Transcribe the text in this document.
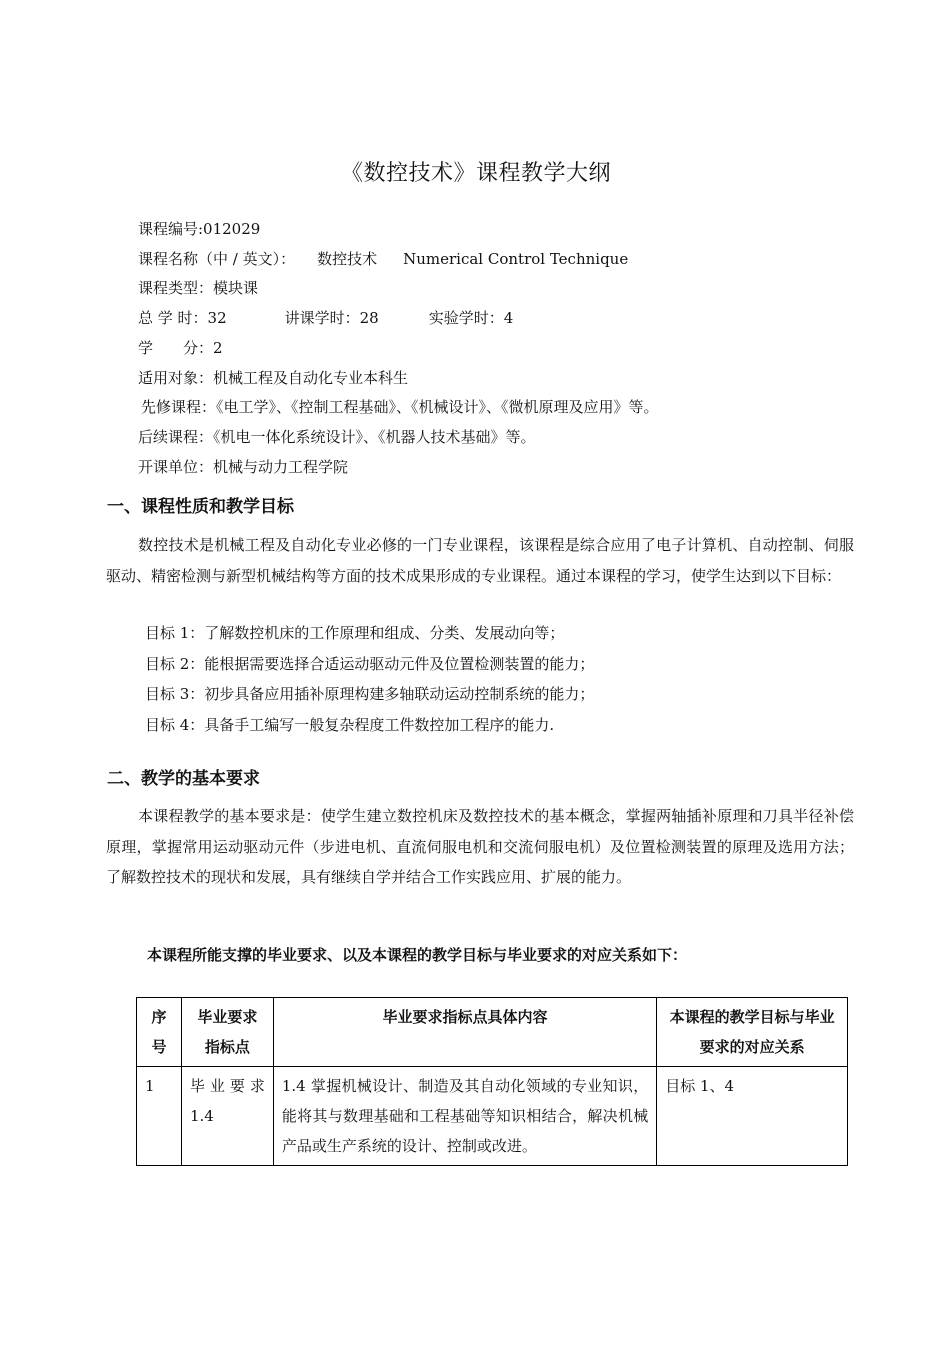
《数控技术》课程教学大纲
课程编号:012029
课程名称（中 / 英文）： 数控技术 Numerical Control Technique
课程类型：模块课
总 学 时：32	讲课学时：28	实验学时：4
学　　分：2
适用对象：机械工程及自动化专业本科生
先修课程：《电工学》、《控制工程基础》、《机械设计》、《微机原理及应用》等。
后续课程：《机电一体化系统设计》、《机器人技术基础》等。
开课单位：机械与动力工程学院
一、课程性质和教学目标

数控技术是机械工程及自动化专业必修的一门专业课程，该课程是综合应用了电子计算机、自动控制、伺服驱动、精密检测与新型机械结构等方面的技术成果形成的专业课程。通过本课程的学习，使学生达到以下目标：

目标 1：了解数控机床的工作原理和组成、分类、发展动向等；
目标 2：能根据需要选择合适运动驱动元件及位置检测装置的能力；
目标 3：初步具备应用插补原理构建多轴联动运动控制系统的能力；
目标 4：具备手工编写一般复杂程度工件数控加工程序的能力.
二、教学的基本要求

本课程教学的基本要求是：使学生建立数控机床及数控技术的基本概念，掌握两轴插补原理和刀具半径补偿原理，掌握常用运动驱动元件（步进电机、直流伺服电机和交流伺服电机）及位置检测装置的原理及选用方法；了解数控技术的现状和发展，具有继续自学并结合工作实践应用、扩展的能力。

本课程所能支撑的毕业要求、以及本课程的教学目标与毕业要求的对应关系如下：
序号	毕业要求指标点	毕业要求指标点具体内容	本课程的教学目标与毕业要求的对应关系
1	毕业要求 1.4	1.4 掌握机械设计、制造及其自动化领域的专业知识，能将其与数理基础和工程基础等知识相结合，解决机械产品或生产系统的设计、控制或改进。	目标 1、4
